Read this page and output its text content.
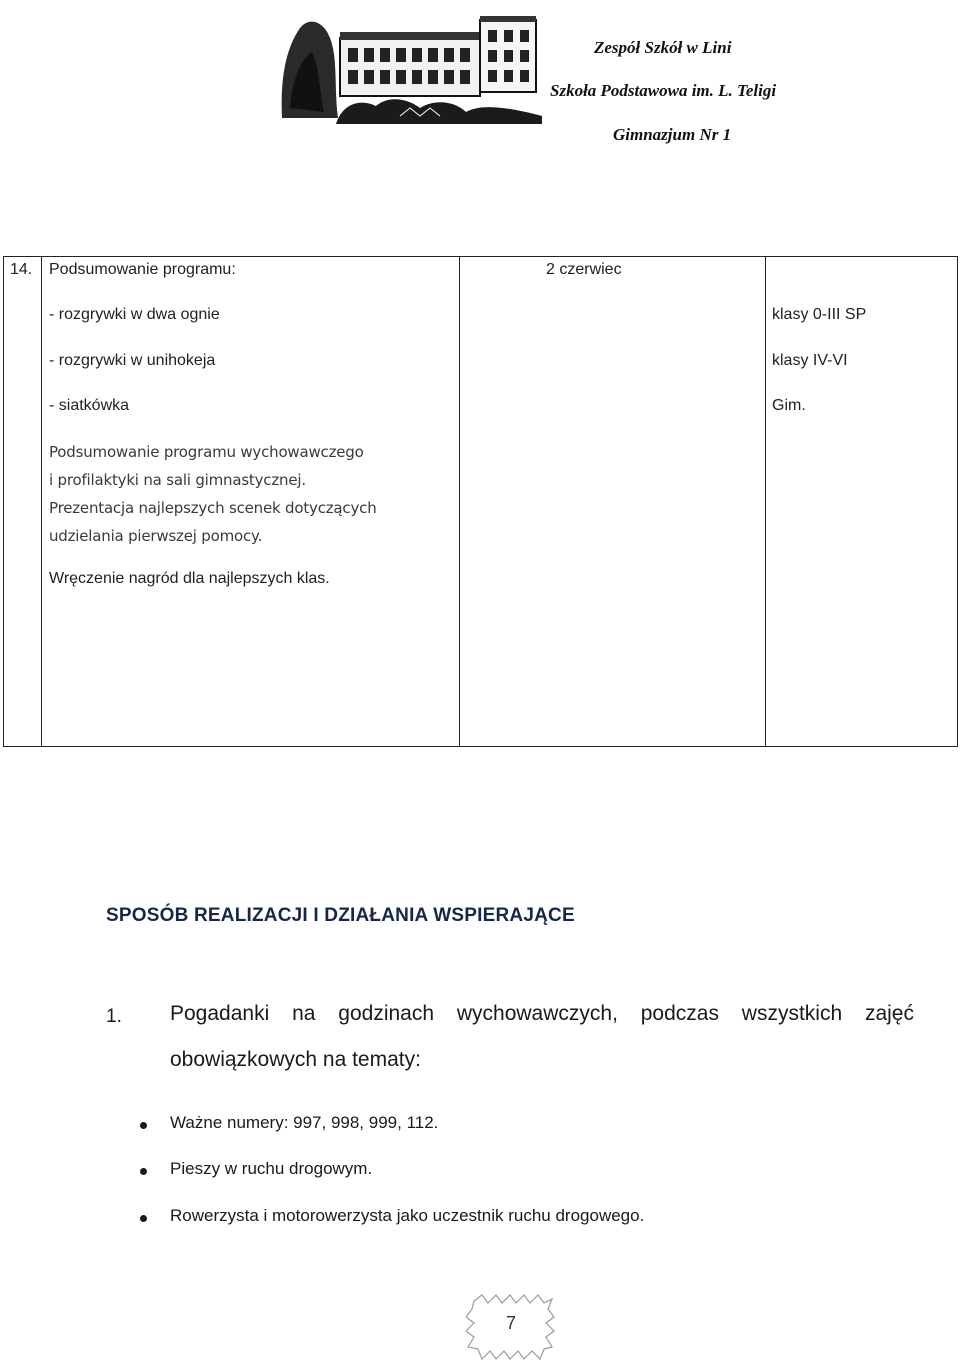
Zespół Szkół w Lini
Szkoła Podstawowa im. L. Teligi
Gimnazjum Nr 1
14. Podsumowanie programu:
- rozgrywki w dwa ognie
- rozgrywki w unihokeja
- siatkówka
Podsumowanie programu wychowawczego
i profilaktyki na sali gimnastycznej.
Prezentacja najlepszych scenek dotyczących
udzielania pierwszej pomocy.
Wręczenie nagród dla najlepszych klas.
2 czerwiec
klasy 0-III SP
klasy IV-VI
Gim.
SPOSÓB REALIZACJI I DZIAŁANIA WSPIERAJĄCE
1. Pogadanki na godzinach wychowawczych, podczas wszystkich zajęć
obowiązkowych na tematy:
Ważne numery: 997, 998, 999, 112.
Pieszy w ruchu drogowym.
Rowerzysta i motorowerzysta jako uczestnik ruchu drogowego.
7
